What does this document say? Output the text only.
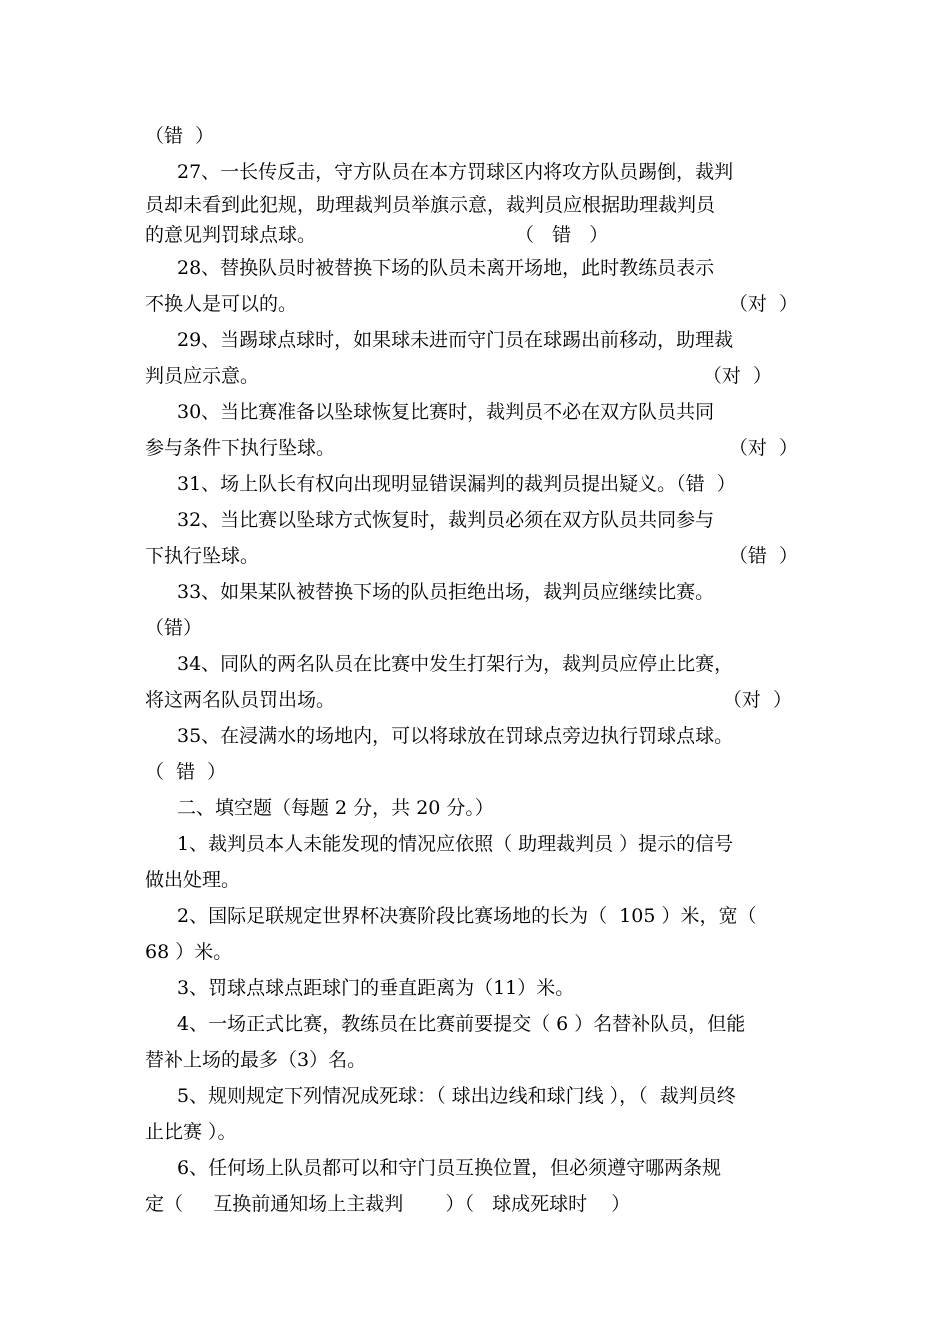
（错  ）
27、一长传反击，守方队员在本方罚球区内将攻方队员踢倒，裁判
员却未看到此犯规，助理裁判员举旗示意，裁判员应根据助理裁判员
的意见判罚球点球。	（   错   ）
28、替换队员时被替换下场的队员未离开场地，此时教练员表示
不换人是可以的。	（对  ）
29、当踢球点球时，如果球未进而守门员在球踢出前移动，助理裁
判员应示意。	（对  ）
30、当比赛准备以坠球恢复比赛时，裁判员不必在双方队员共同
参与条件下执行坠球。	（对  ）
31、场上队长有权向出现明显错误漏判的裁判员提出疑义。（错  ）
32、当比赛以坠球方式恢复时，裁判员必须在双方队员共同参与
下执行坠球。	（错  ）
33、如果某队被替换下场的队员拒绝出场，裁判员应继续比赛。
（错）
34、同队的两名队员在比赛中发生打架行为，裁判员应停止比赛，
将这两名队员罚出场。	（对  ）
35、在浸满水的场地内，可以将球放在罚球点旁边执行罚球点球。
（  错  ）
二、填空题（每题 2 分，共 20 分。）
1、裁判员本人未能发现的情况应依照（ 助理裁判员 ）提示的信号
做出处理。
2、国际足联规定世界杯决赛阶段比赛场地的长为（  105 ）米，宽（
68 ）米。
3、罚球点球点距球门的垂直距离为（11）米。
4、一场正式比赛，教练员在比赛前要提交（ 6 ）名替补队员，但能
替补上场的最多（3）名。
5、规则规定下列情况成死球：（ 球出边线和球门线 ），（  裁判员终
止比赛 ）。
6、任何场上队员都可以和守门员互换位置，但必须遵守哪两条规
定（     互换前通知场上主裁判       ）（   球成死球时    ）
